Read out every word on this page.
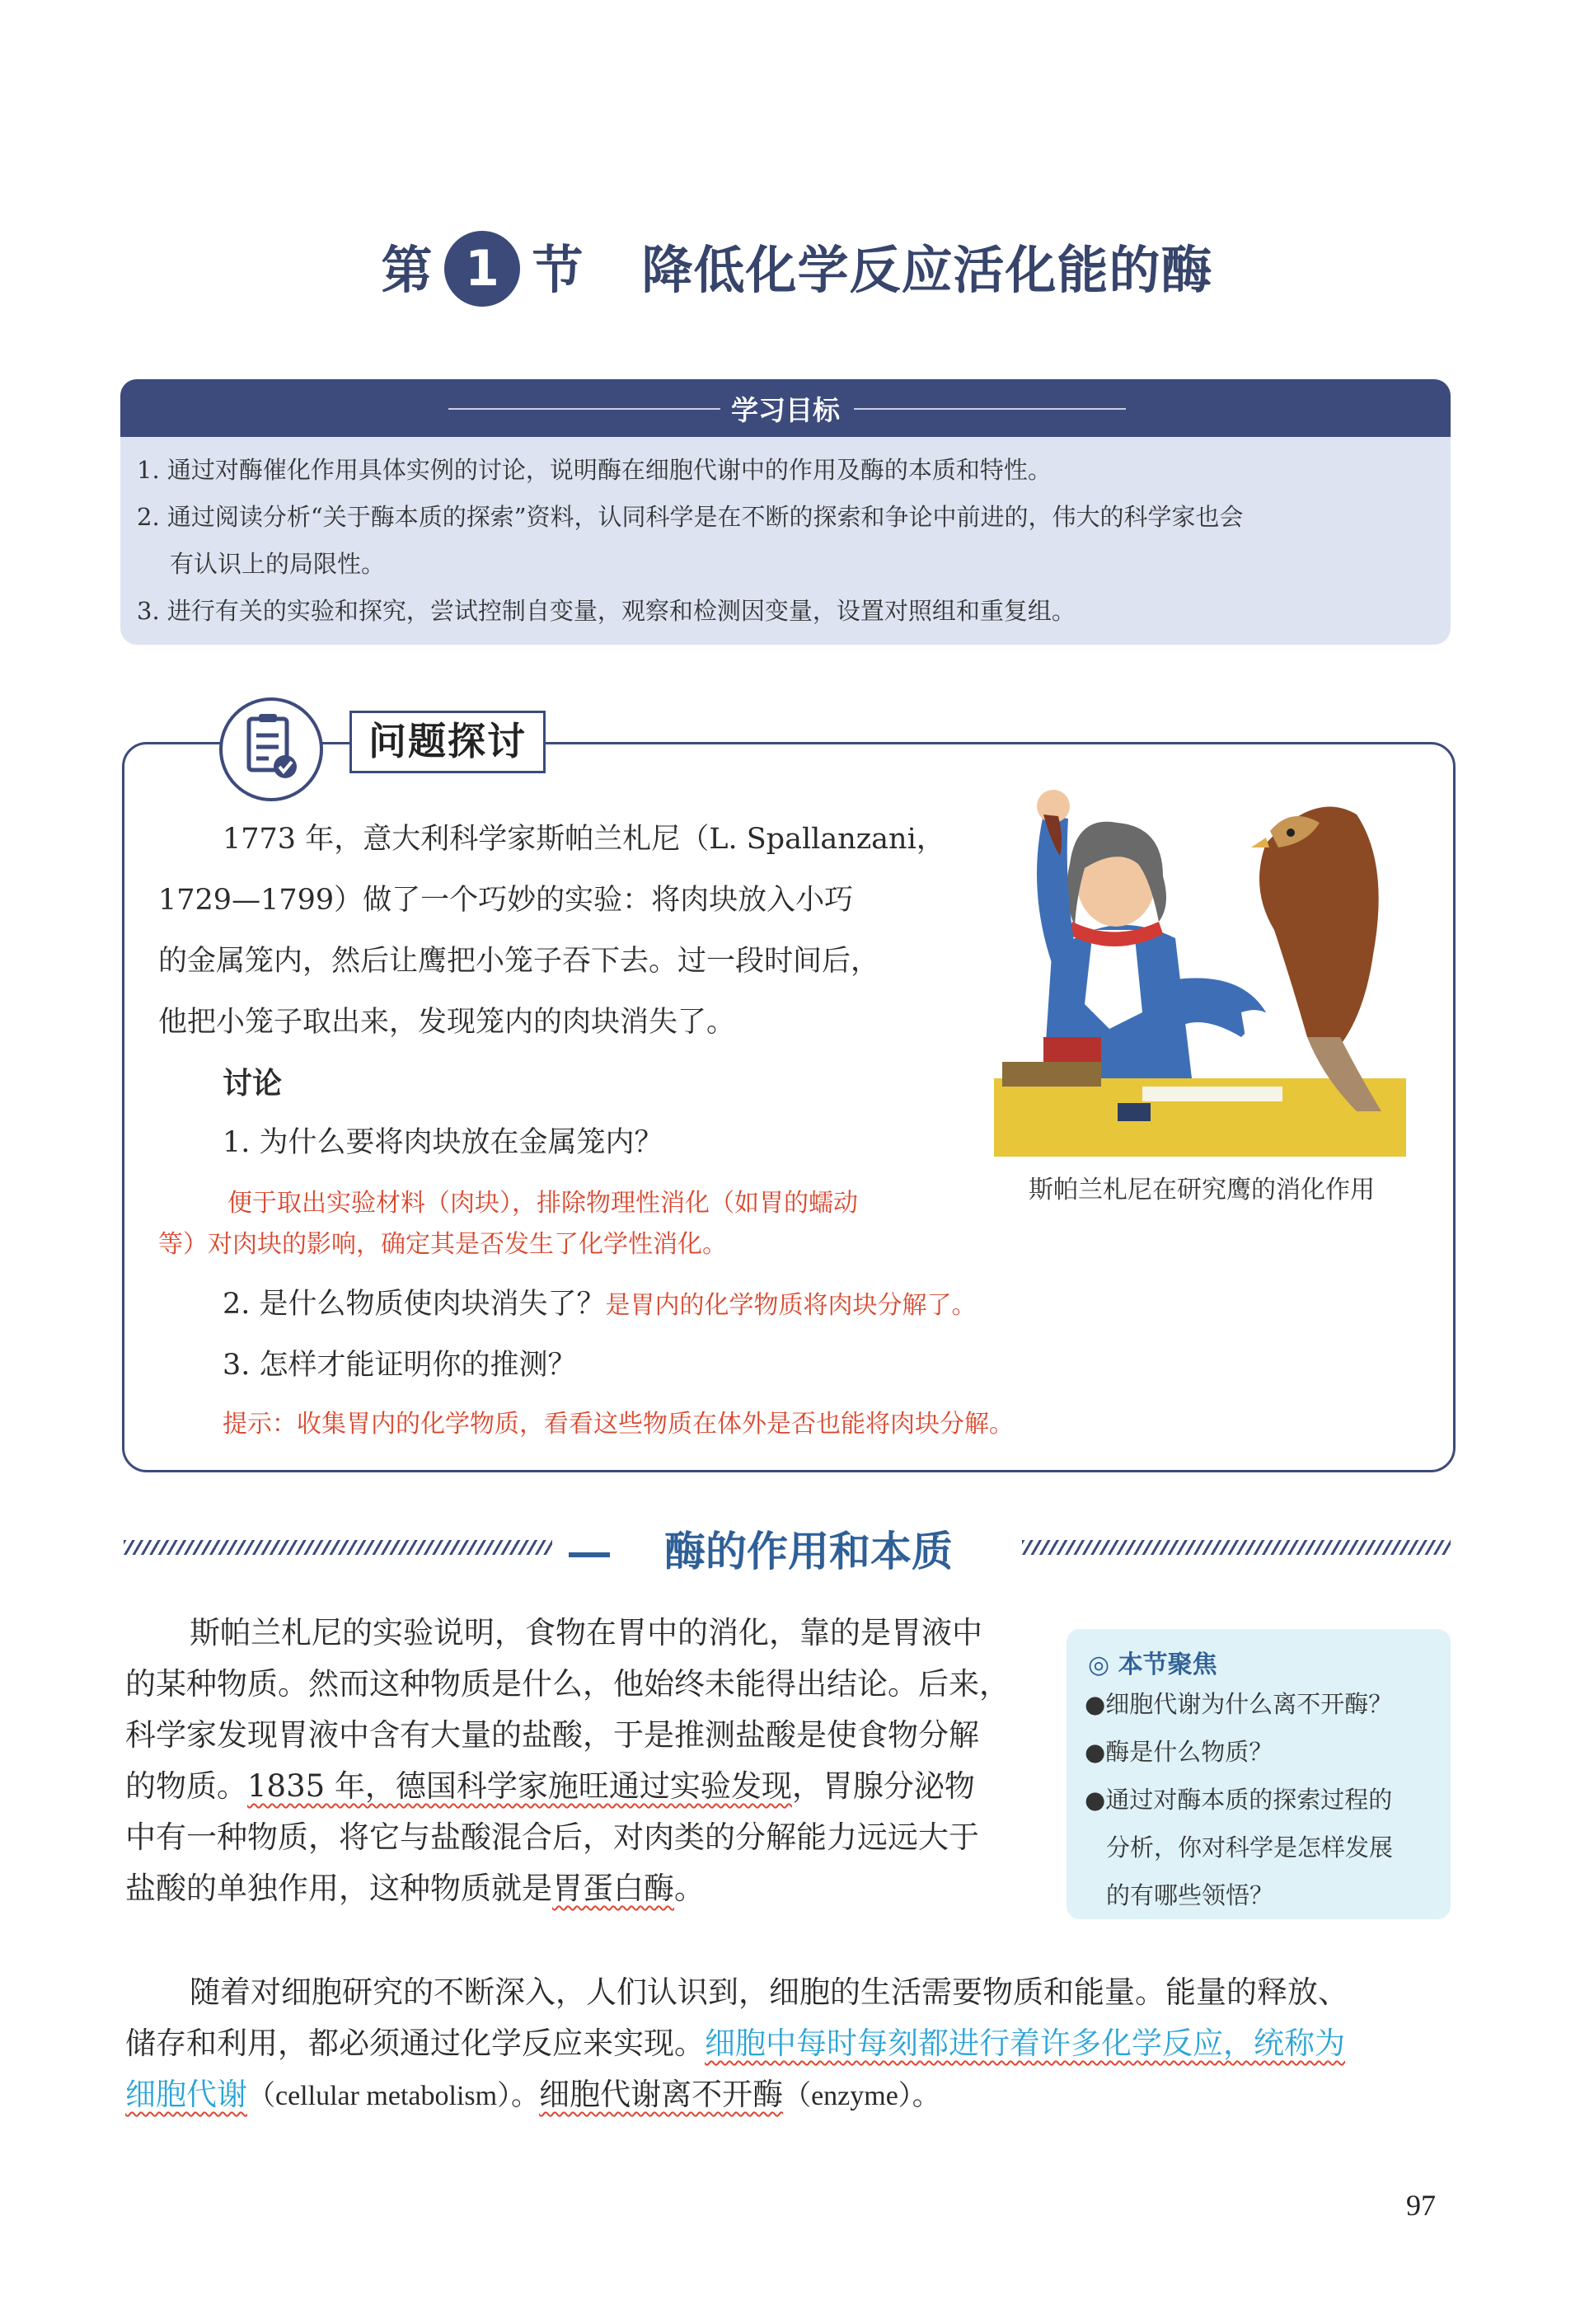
第 1 节 降低化学反应活化能的酶
学习目标
1. 通过对酶催化作用具体实例的讨论，说明酶在细胞代谢中的作用及酶的本质和特性。
2. 通过阅读分析“关于酶本质的探索”资料，认同科学是在不断的探索和争论中前进的，伟大的科学家也会
有认识上的局限性。
3. 进行有关的实验和探究，尝试控制自变量，观察和检测因变量，设置对照组和重复组。
问题探讨
1773 年，意大利科学家斯帕兰札尼（L. Spallanzani，
1729—1799）做了一个巧妙的实验：将肉块放入小巧
的金属笼内，然后让鹰把小笼子吞下去。过一段时间后，
他把小笼子取出来，发现笼内的肉块消失了。
讨论
1. 为什么要将肉块放在金属笼内？
便于取出实验材料（肉块），排除物理性消化（如胃的蠕动
等）对肉块的影响，确定其是否发生了化学性消化。
2. 是什么物质使肉块消失了？是胃内的化学物质将肉块分解了。
3. 怎样才能证明你的推测？
提示：收集胃内的化学物质，看看这些物质在体外是否也能将肉块分解。
斯帕兰札尼在研究鹰的消化作用
酶的作用和本质
斯帕兰札尼的实验说明，食物在胃中的消化，靠的是胃液中
的某种物质。然而这种物质是什么，他始终未能得出结论。后来，
科学家发现胃液中含有大量的盐酸，于是推测盐酸是使食物分解
的物质。1835 年，德国科学家施旺通过实验发现，胃腺分泌物
中有一种物质，将它与盐酸混合后，对肉类的分解能力远远大于
盐酸的单独作用，这种物质就是胃蛋白酶。
随着对细胞研究的不断深入，人们认识到，细胞的生活需要物质和能量。能量的释放、
储存和利用，都必须通过化学反应来实现。细胞中每时每刻都进行着许多化学反应，统称为
细胞代谢（cellular metabolism）。细胞代谢离不开酶（enzyme）。
◎ 本节聚焦
●细胞代谢为什么离不开酶？
●酶是什么物质？
●通过对酶本质的探索过程的
分析，你对科学是怎样发展
的有哪些领悟？
97
